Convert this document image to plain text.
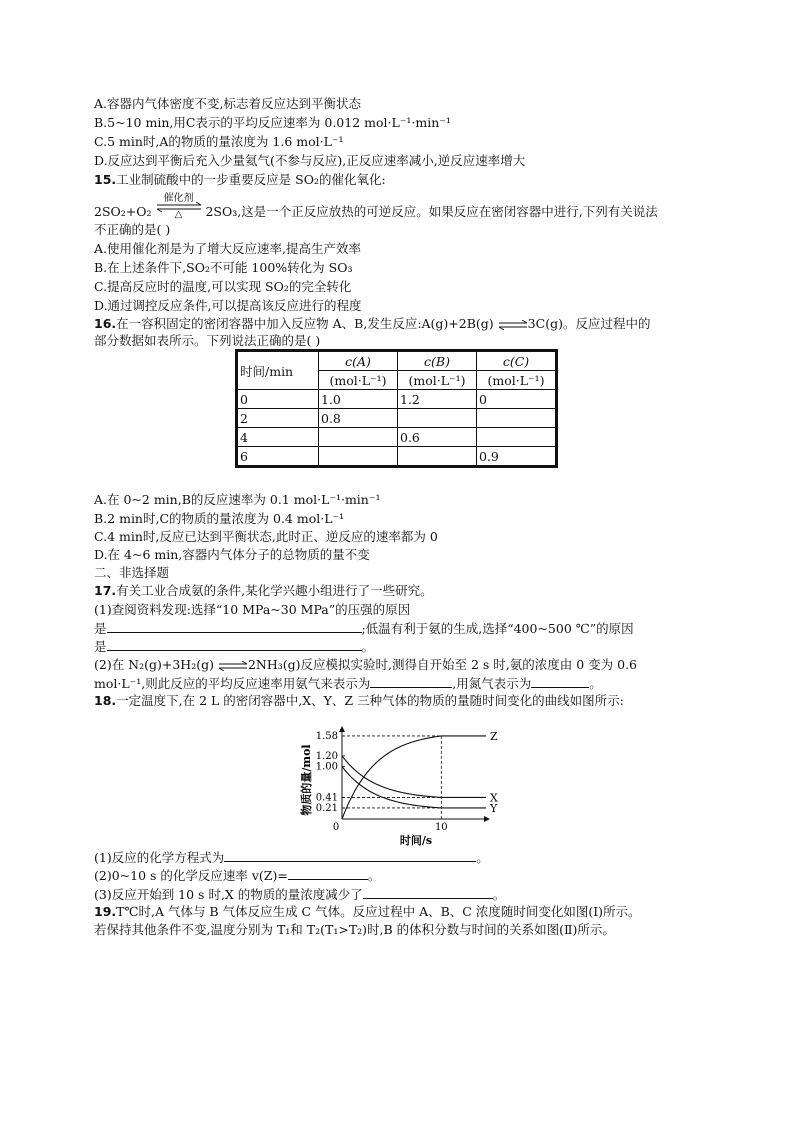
A.容器内气体密度不变,标志着反应达到平衡状态
B.5~10 min,用C表示的平均反应速率为 0.012 mol·L⁻¹·min⁻¹
C.5 min时,A的物质的量浓度为 1.6 mol·L⁻¹
D.反应达到平衡后充入少量氦气(不参与反应),正反应速率减小,逆反应速率增大
15.工业制硫酸中的一步重要反应是 SO₂的催化氧化:
2SO₂+O₂
催化剂
△	2SO₃,这是一个正反应放热的可逆反应。如果反应在密闭容器中进行,下列有关说法
不正确的是( )
A.使用催化剂是为了增大反应速率,提高生产效率
B.在上述条件下,SO₂不可能 100%转化为 SO₃
C.提高反应时的温度,可以实现 SO₂的完全转化
D.通过调控反应条件,可以提高该反应进行的程度
16.在一容积固定的密闭容器中加入反应物 A、B,发生反应:A(g)+2B(g) ⇌3C(g)。反应过程中的
部分数据如表所示。下列说法正确的是( )
时间/min	c(A)	c(B)	c(C)
	(mol·L⁻¹)	(mol·L⁻¹)	(mol·L⁻¹)
0	1.0	1.2	0
2	0.8		
4		0.6	
6			0.9
A.在 0~2 min,B的反应速率为 0.1 mol·L⁻¹·min⁻¹
B.2 min时,C的物质的量浓度为 0.4 mol·L⁻¹
C.4 min时,反应已达到平衡状态,此时正、逆反应的速率都为 0
D.在 4~6 min,容器内气体分子的总物质的量不变
二、非选择题
17.有关工业合成氨的条件,某化学兴趣小组进行了一些研究。
(1)查阅资料发现:选择“10 MPa~30 MPa”的压强的原因
是	;低温有利于氨的生成,选择“400~500 ℃”的原因
是	。
(2)在 N₂(g)+3H₂(g) ⇌2NH₃(g)反应模拟实验时,测得自开始至 2 s 时,氨的浓度由 0 变为 0.6
mol·L⁻¹,则此反应的平均反应速率用氨气来表示为	,用氮气表示为	。
18.一定温度下,在 2 L 的密闭容器中,X、Y、Z 三种气体的物质的量随时间变化的曲线如图所示:
Z
X
Y
0.21
0.41
1.00
1.20
1.58
0	10
时间/s
物质的量/mol
(1)反应的化学方程式为	。
(2)0~10 s 的化学反应速率 v(Z)=	。
(3)反应开始到 10 s 时,X 的物质的量浓度减少了	。
19.T℃时,A 气体与 B 气体反应生成 C 气体。反应过程中 A、B、C 浓度随时间变化如图(Ⅰ)所示。
若保持其他条件不变,温度分别为 T₁和 T₂(T₁>T₂)时,B 的体积分数与时间的关系如图(Ⅱ)所示。
